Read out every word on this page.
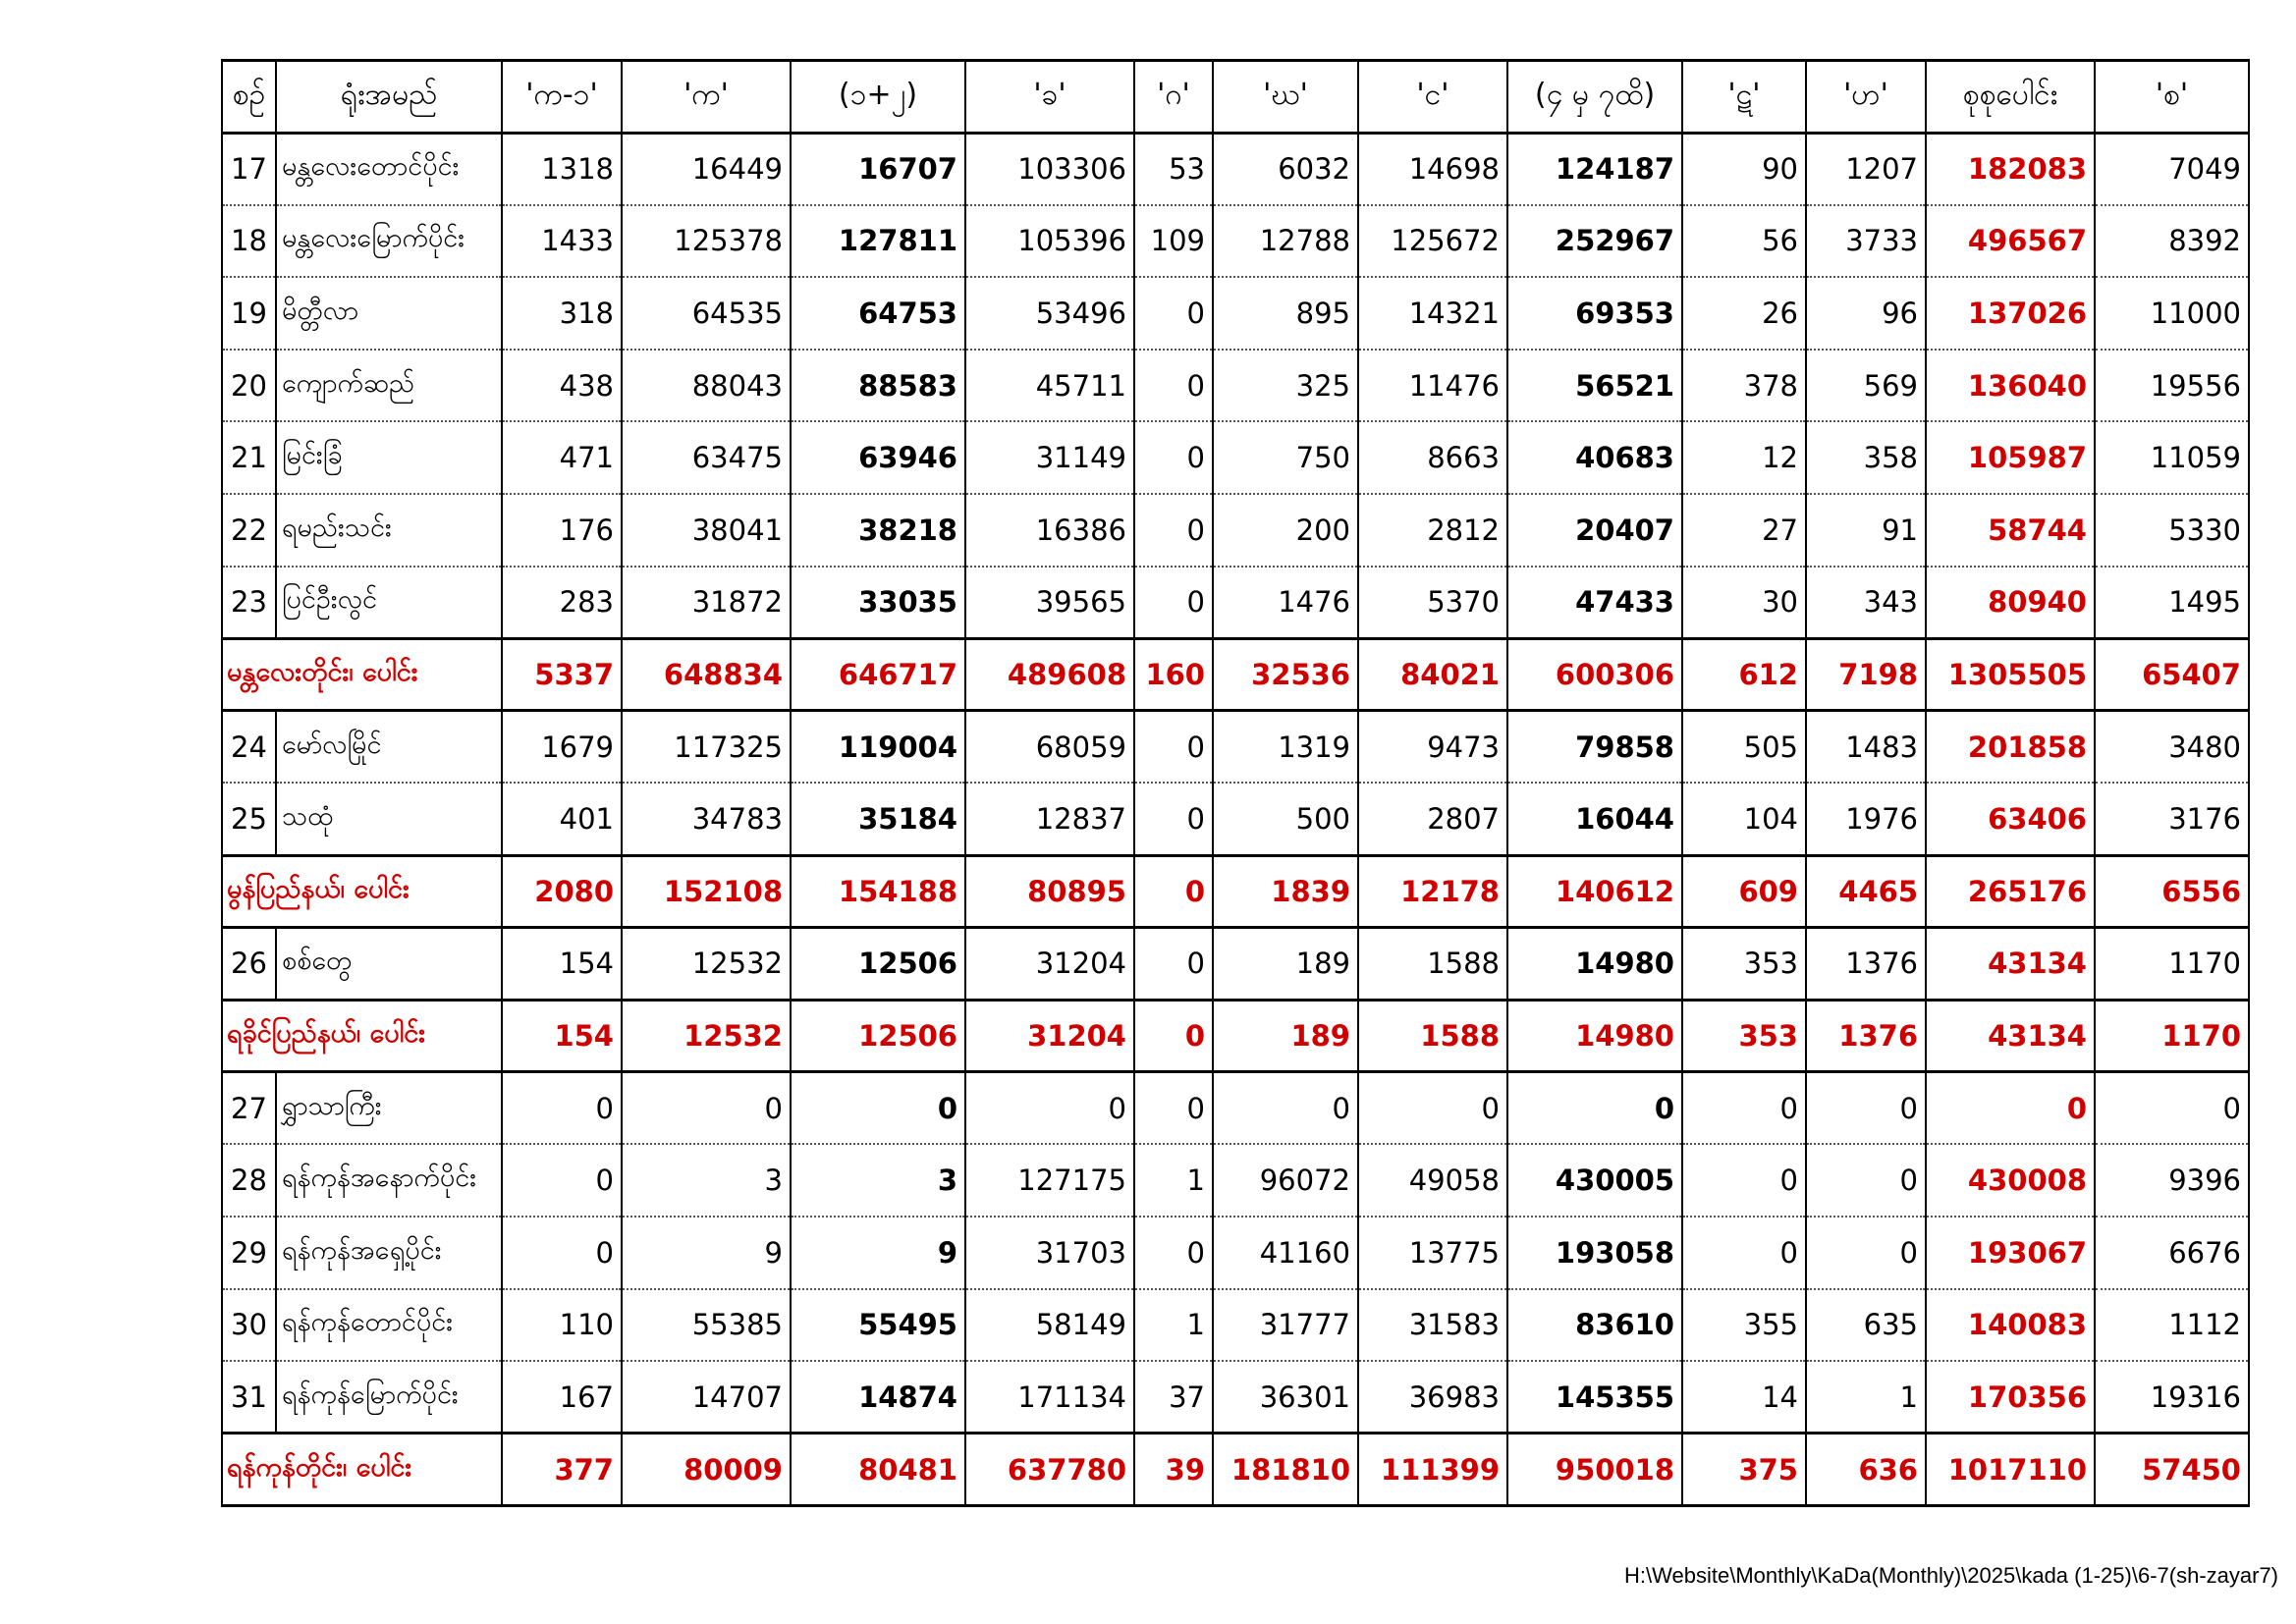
စဉ်	ရုံးအမည်	'က-၁'	'က'	(၁+၂)	'ခ'	'ဂ'	'ဃ'	'င'	(၄ မှ ၇ထိ)	'ဋ'	'ဟ'	စုစုပေါင်း	'စ'
17	မန္တလေးတောင်ပိုင်း	1318	16449	16707	103306	53	6032	14698	124187	90	1207	182083	7049
18	မန္တလေးမြောက်ပိုင်း	1433	125378	127811	105396	109	12788	125672	252967	56	3733	496567	8392
19	မိတ္တီလာ	318	64535	64753	53496	0	895	14321	69353	26	96	137026	11000
20	ကျောက်ဆည်	438	88043	88583	45711	0	325	11476	56521	378	569	136040	19556
21	မြင်းခြံ	471	63475	63946	31149	0	750	8663	40683	12	358	105987	11059
22	ရမည်းသင်း	176	38041	38218	16386	0	200	2812	20407	27	91	58744	5330
23	ပြင်ဦးလွင်	283	31872	33035	39565	0	1476	5370	47433	30	343	80940	1495
မန္တလေးတိုင်း၊ ပေါင်း		5337	648834	646717	489608	160	32536	84021	600306	612	7198	1305505	65407
24	မော်လမြိုင်	1679	117325	119004	68059	0	1319	9473	79858	505	1483	201858	3480
25	သထုံ	401	34783	35184	12837	0	500	2807	16044	104	1976	63406	3176
မွန်ပြည်နယ်၊ ပေါင်း		2080	152108	154188	80895	0	1839	12178	140612	609	4465	265176	6556
26	စစ်တွေ	154	12532	12506	31204	0	189	1588	14980	353	1376	43134	1170
ရခိုင်ပြည်နယ်၊ ပေါင်း		154	12532	12506	31204	0	189	1588	14980	353	1376	43134	1170
27	ရွှာသာကြီး	0	0	0	0	0	0	0	0	0	0	0	0
28	ရန်ကုန်အနောက်ပိုင်း	0	3	3	127175	1	96072	49058	430005	0	0	430008	9396
29	ရန်ကုန်အရှေ့ပိုင်း	0	9	9	31703	0	41160	13775	193058	0	0	193067	6676
30	ရန်ကုန်တောင်ပိုင်း	110	55385	55495	58149	1	31777	31583	83610	355	635	140083	1112
31	ရန်ကုန်မြောက်ပိုင်း	167	14707	14874	171134	37	36301	36983	145355	14	1	170356	19316
ရန်ကုန်တိုင်း၊ ပေါင်း		377	80009	80481	637780	39	181810	111399	950018	375	636	1017110	57450
H:\Website\Monthly\KaDa(Monthly)\2025\kada (1-25)\6-7(sh-zayar7)
